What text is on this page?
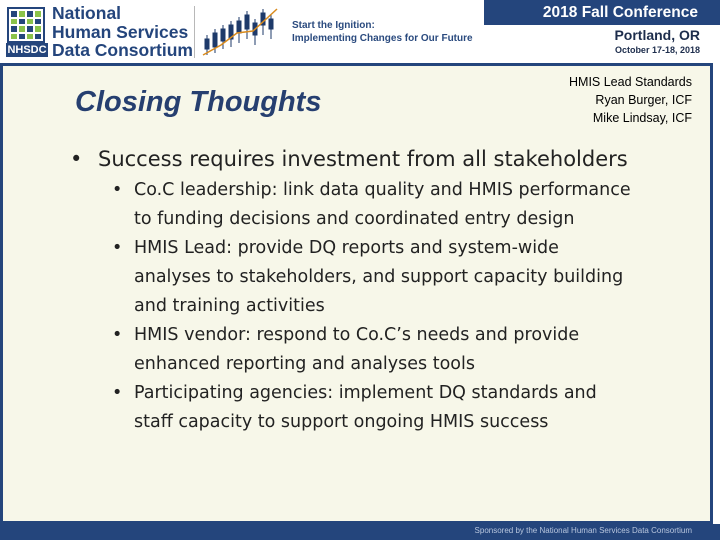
NHSDC
National
Human Services
Data Consortium
Start the Ignition:
Implementing Changes for Our Future
2018 Fall Conference
Portland, OR
October 17-18, 2018
HMIS Lead Standards
Ryan Burger, ICF
Mike Lindsay, ICF
Closing Thoughts
• Success requires investment from all stakeholders
• Co.C leadership: link data quality and HMIS performance
to funding decisions and coordinated entry design
• HMIS Lead: provide DQ reports and system-wide
analyses to stakeholders, and support capacity building
and training activities
• HMIS vendor: respond to Co.C’s needs and provide
enhanced reporting and analyses tools
• Participating agencies: implement DQ standards and
staff capacity to support ongoing HMIS success
Sponsored by the National Human Services Data Consortium
